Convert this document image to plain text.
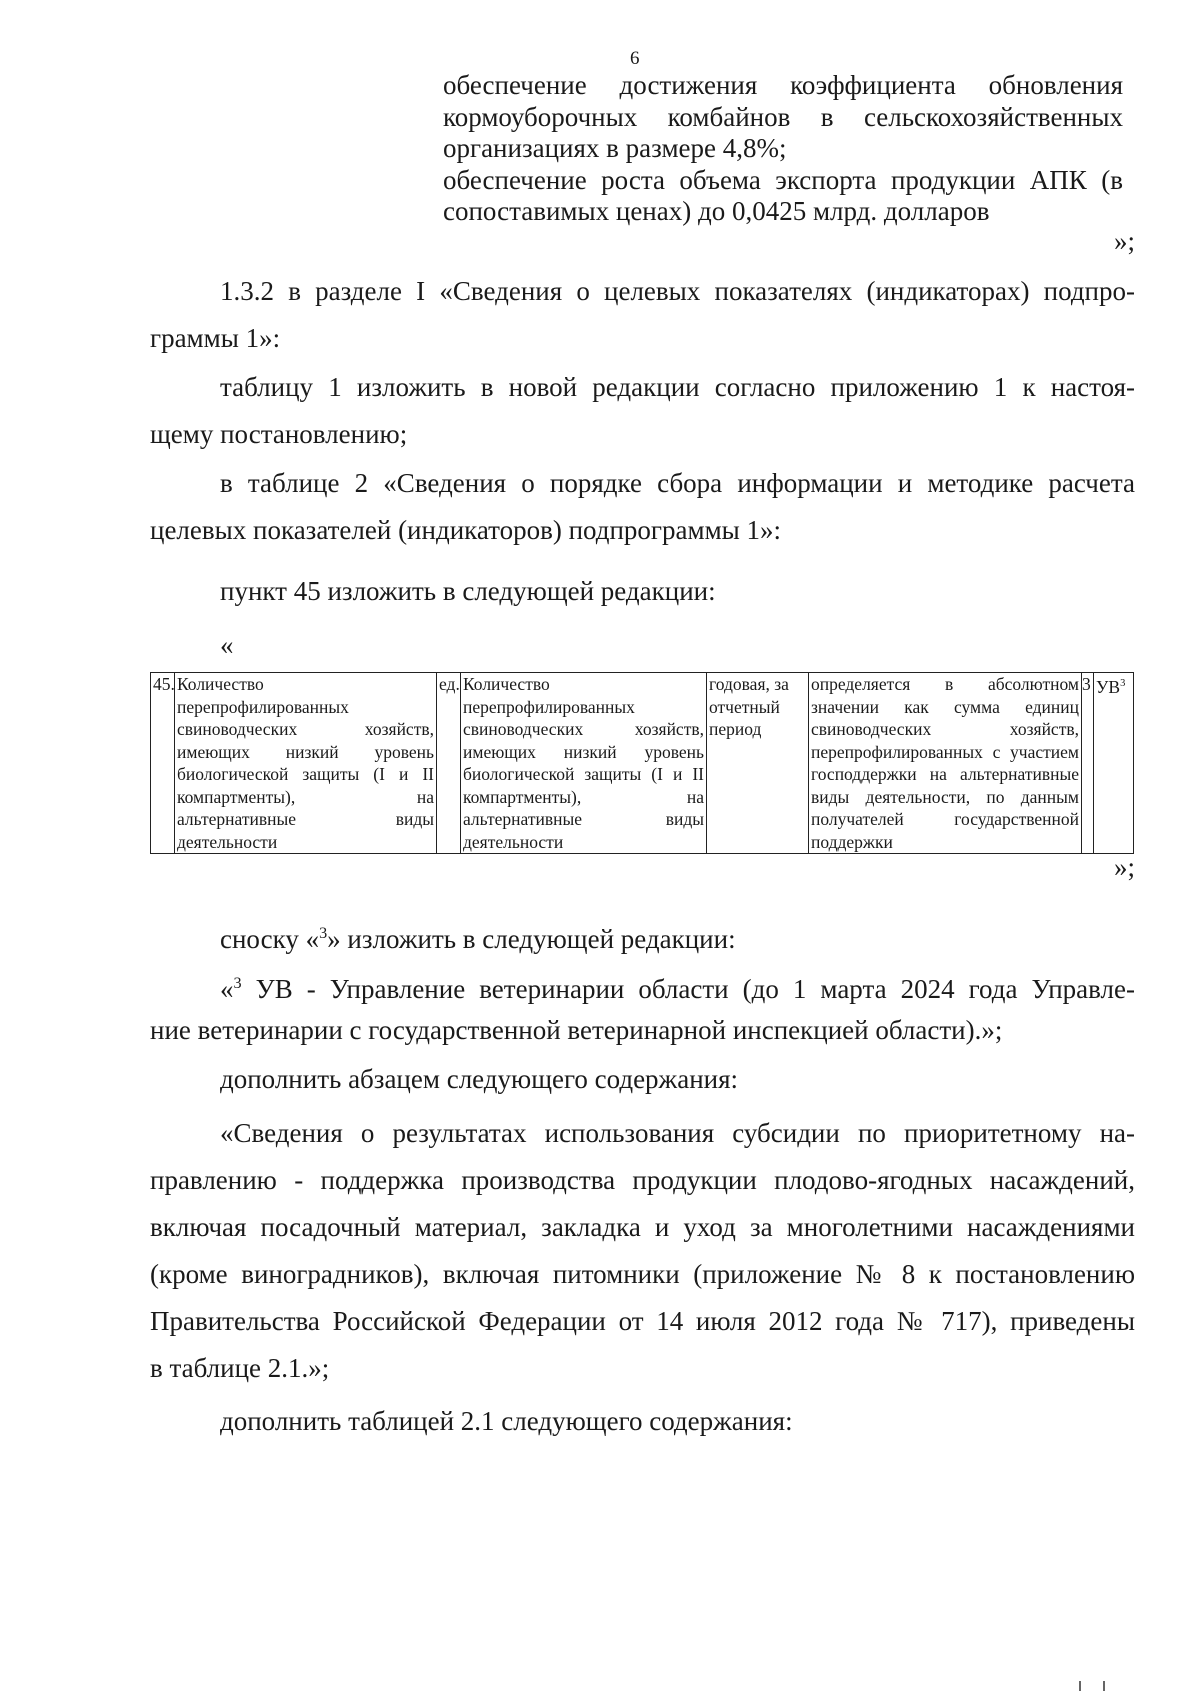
6

обеспечение достижения коэффициента обновления кормоуборочных комбайнов в сельскохозяйственных организациях в размере 4,8%;

обеспечение роста объема экспорта продукции АПК (в сопоставимых ценах) до 0,0425 млрд. долларов

»;
1.3.2 в разделе I «Сведения о целевых показателях (индикаторах) подпро-
граммы 1»:
таблицу 1 изложить в новой редакции согласно приложению 1 к настоя-
щему постановлению;
в таблице 2 «Сведения о порядке сбора информации и методике расчета
целевых показателей (индикаторов) подпрограммы 1»:
пункт 45 изложить в следующей редакции:
«
45.	Количество перепрофилированных свиноводческих хозяйств, имеющих низкий уровень биологической защиты (I и II компартменты), на альтернативные виды деятельности	ед.	Количество перепрофилированных свиноводческих хозяйств, имеющих низкий уровень биологической защиты (I и II компартменты), на альтернативные виды деятельности	годовая, за отчетный период	определяется в абсолютном значении как сумма единиц свиноводческих хозяйств, перепрофилированных с участием господдержки на альтернативные виды деятельности, по данным получателей государственной поддержки	3	$УВ^3$
»;
сноску «$^3$» изложить в следующей редакции:
«$^3$ УВ - Управление ветеринарии области (до 1 марта 2024 года Управле-
ние ветеринарии с государственной ветеринарной инспекцией области).»;
дополнить абзацем следующего содержания:
«Сведения о результатах использования субсидии по приоритетному на-
правлению - поддержка производства продукции плодово-ягодных насаждений,
включая посадочный материал, закладка и уход за многолетними насаждениями
(кроме виноградников), включая питомники (приложение № 8 к постановлению
Правительства Российской Федерации от 14 июля 2012 года № 717), приведены
в таблице 2.1.»;
дополнить таблицей 2.1 следующего содержания:
